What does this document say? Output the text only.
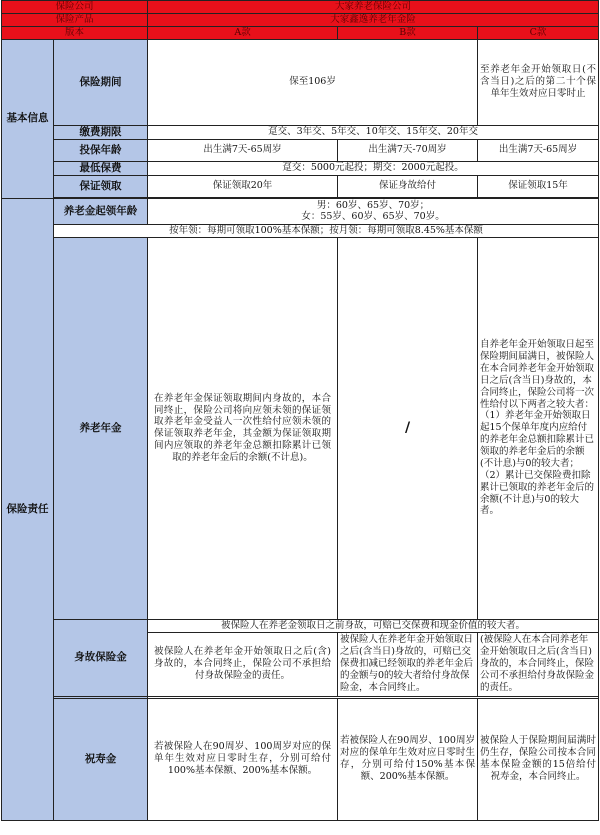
保险公司		大家养老保险公司		
保险产品		大家鑫逸养老年金险		
版本		A款	B款	C款
基本信息	保险期间	保至106岁		至养老年金开始领取日(不含当日)之后的第二十个保单年生效对应日零时止
	缴费期限	趸交、3年交、5年交、10年交、15年交、20年交		
	投保年龄	出生满7天-65周岁	出生满7天-70周岁	出生满7天-65周岁
	最低保费	趸交：5000元起投；期交：2000元起投。		
	保证领取	保证领取20年	保证身故给付	保证领取15年

保险责任	养老金起领年龄	男：60岁、65岁、70岁；
女：55岁、60岁、65岁、70岁。		

	按年领：每期可领取100%基本保额；按月领：每期可领取8.45%基本保额			
	养老年金	在养老年金保证领取期间内身故的，本合同终止，保险公司将向应领未领的保证领取养老年金受益人一次性给付应领未领的保证领取养老年金，其金额为保证领取期间内应领取的养老年金总额扣除累计已领取的养老年金后的余额(不计息)。	/	自养老年金开始领取日起至保险期间届满日，被保险人在本合同养老年金开始领取日之后(含当日)身故的，本合同终止，保险公司将一次性给付以下两者之较大者：
（1）养老年金开始领取日起15个保单年度内应给付的养老年金总额扣除累计已领取的养老年金后的余额(不计息)与0的较大者；
（2）累计已交保险费扣除累计已领取的养老年金后的余额(不计息)与0的较大者。

	身故保险金	被保险人在养老金领取日之前身故，可赔已交保费和现金价值的较大者。		
		被保险人在养老年金开始领取日之后(含)身故的，本合同终止，保险公司不承担给付身故保险金的责任。	被保险人在养老年金开始领取日之后(含当日)身故的，可赔已交保费扣减已经领取的养老年金后的金额与0的较大者给付身故保险金，本合同终止。	(被保险人在本合同养老年金开始领取日之后(含当日)身故的，本合同终止，保险公司不承担给付身故保险金的责任。

	祝寿金	若被保险人在90周岁、100周岁对应的保单年生效对应日零时生存，分别可给付100%基本保额、200%基本保额。	若被保险人在90周岁、100周岁对应的保单年生效对应日零时生存，分别可给付150%基本保额、200%基本保额。	被保险人于保险期间届满时仍生存，保险公司按本合同基本保险金额的15倍给付祝寿金，本合同终止。
